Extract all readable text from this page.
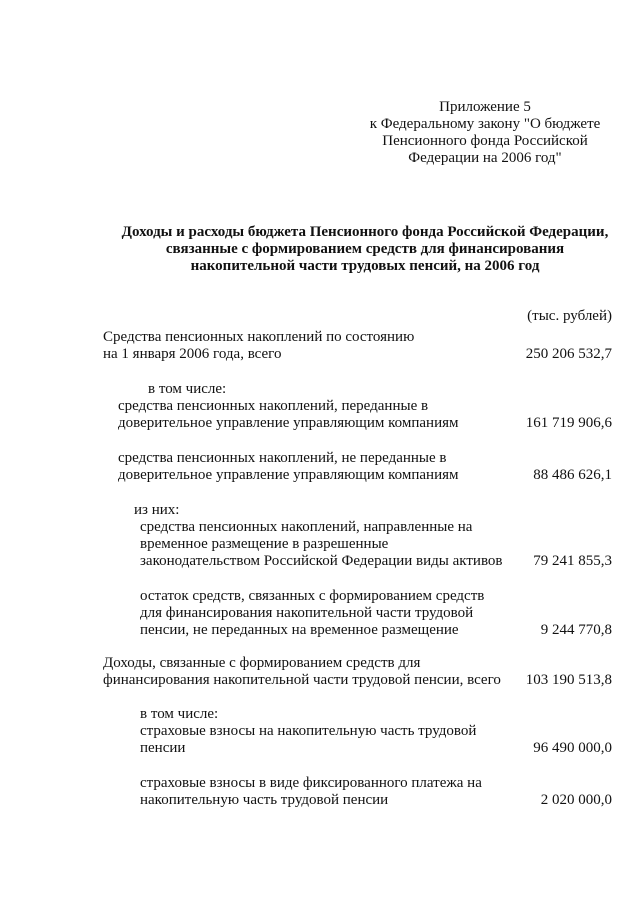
Приложение 5
к Федеральному закону "О бюджете
Пенсионного фонда Российской
Федерации на 2006 год"
Доходы и расходы бюджета Пенсионного фонда Российской Федерации,
связанные с формированием средств для финансирования
накопительной части трудовых пенсий, на 2006 год
(тыс. рублей)
Средства пенсионных накоплений по состоянию
на 1 января 2006 года, всего	250 206 532,7
в том числе:
средства пенсионных накоплений, переданные в
доверительное управление управляющим компаниям	161 719 906,6
средства пенсионных накоплений, не переданные в
доверительное управление управляющим компаниям	88 486 626,1
из них:
средства пенсионных накоплений, направленные на
временное размещение в разрешенные
законодательством Российской Федерации виды активов 79 241 855,3
остаток средств, связанных с формированием средств
для финансирования накопительной части трудовой
пенсии, не переданных на временное размещение	9 244 770,8
Доходы, связанные с формированием средств для
финансирования накопительной части трудовой пенсии, всего 103 190 513,8
в том числе:
страховые взносы на накопительную часть трудовой
пенсии	96 490 000,0
страховые взносы в виде фиксированного платежа на
накопительную часть трудовой пенсии	2 020 000,0
